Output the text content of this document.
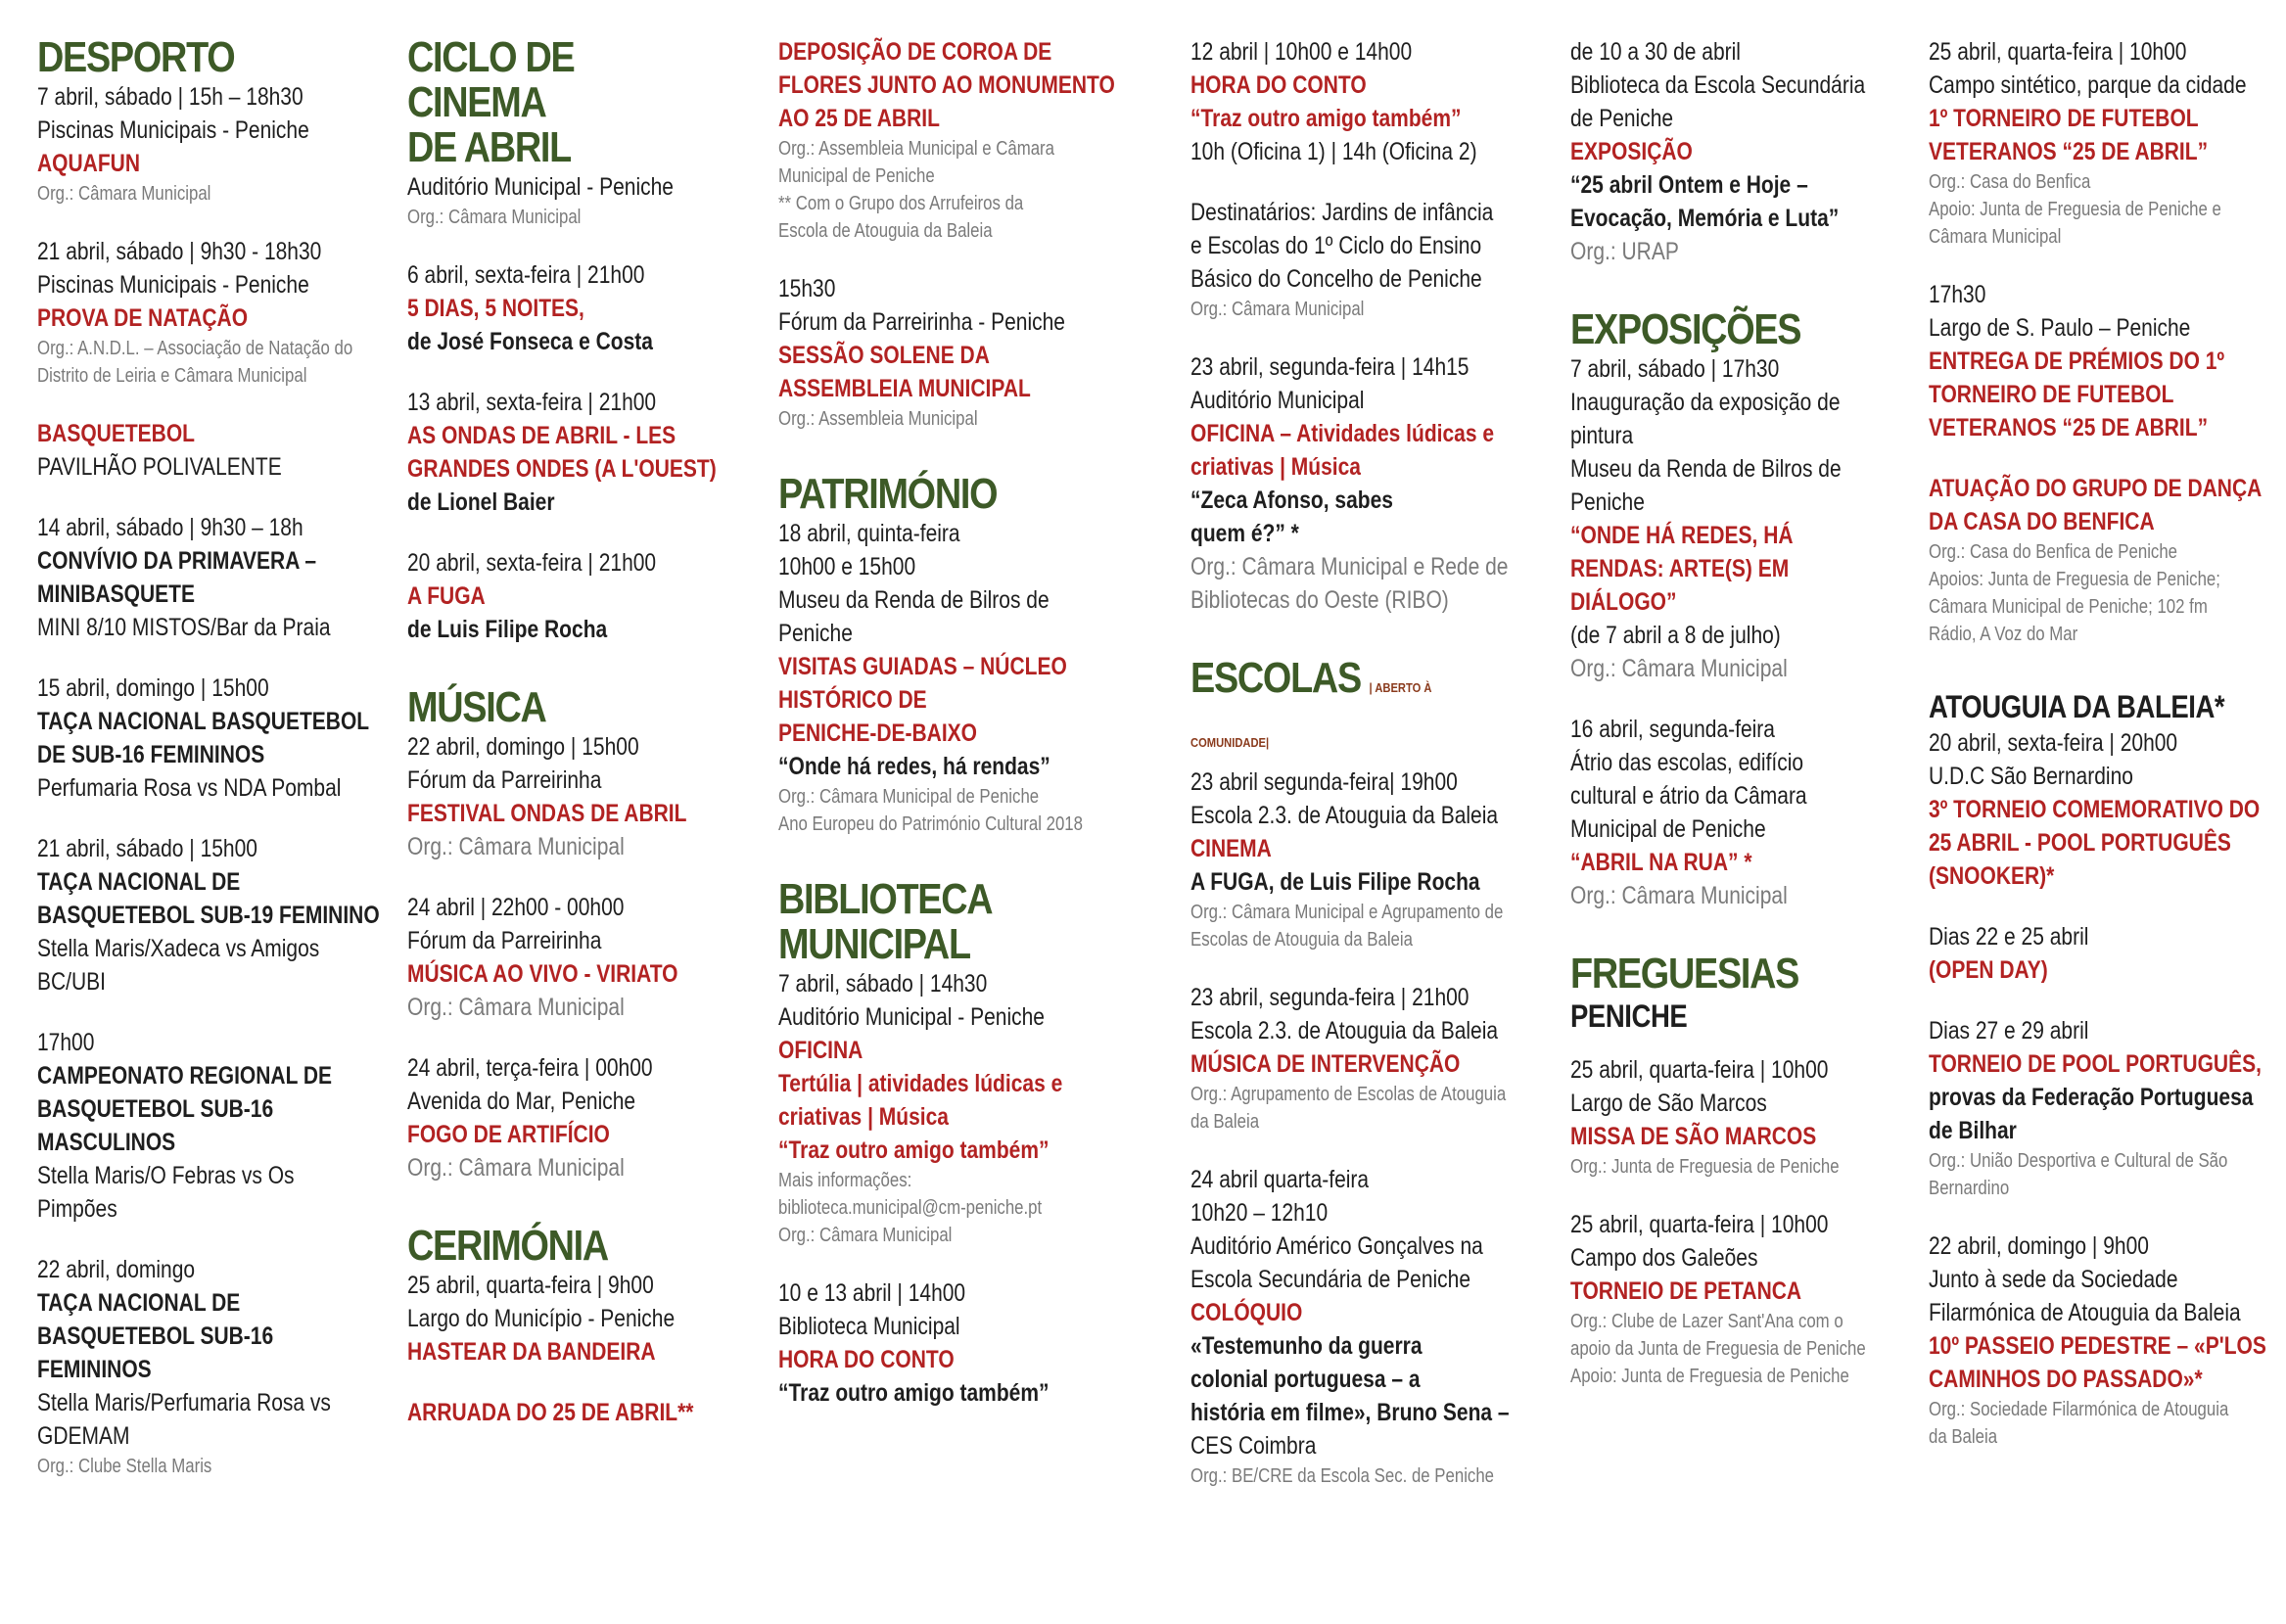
DESPORTO
7 abril, sábado | 15h – 18h30
Piscinas Municipais - Peniche
AQUAFUN
Org.: Câmara Municipal
21 abril, sábado | 9h30 - 18h30
Piscinas Municipais - Peniche
PROVA DE NATAÇÃO
Org.: A.N.D.L. – Associação de Natação do
Distrito de Leiria e Câmara Municipal
BASQUETEBOL
PAVILHÃO POLIVALENTE
14 abril, sábado | 9h30 – 18h
CONVÍVIO DA PRIMAVERA –
MINIBASQUETE
MINI 8/10 MISTOS/Bar da Praia
15 abril, domingo | 15h00
TAÇA NACIONAL BASQUETEBOL
DE SUB-16 FEMININOS
Perfumaria Rosa vs NDA Pombal
21 abril, sábado | 15h00
TAÇA NACIONAL DE
BASQUETEBOL SUB-19 FEMININO
Stella Maris/Xadeca vs Amigos
BC/UBI
17h00
CAMPEONATO REGIONAL DE
BASQUETEBOL SUB-16
MASCULINOS
Stella Maris/O Febras vs Os
Pimpões
22 abril, domingo
TAÇA NACIONAL DE
BASQUETEBOL SUB-16
FEMININOS
Stella Maris/Perfumaria Rosa vs
GDEMAM
Org.: Clube Stella Maris
CICLO DE CINEMA
DE ABRIL
Auditório Municipal - Peniche
Org.: Câmara Municipal
6 abril, sexta-feira | 21h00
5 DIAS, 5 NOITES,
de José Fonseca e Costa
13 abril, sexta-feira | 21h00
AS ONDAS DE ABRIL - LES
GRANDES ONDES (A L'OUEST)
de Lionel Baier
20 abril, sexta-feira | 21h00
A FUGA
de Luis Filipe Rocha
MÚSICA
22 abril, domingo | 15h00
Fórum da Parreirinha
FESTIVAL ONDAS DE ABRIL
Org.: Câmara Municipal
24 abril | 22h00 - 00h00
Fórum da Parreirinha
MÚSICA AO VIVO - VIRIATO
Org.: Câmara Municipal
24 abril, terça-feira | 00h00
Avenida do Mar, Peniche
FOGO DE ARTIFÍCIO
Org.: Câmara Municipal
CERIMÓNIA
25 abril, quarta-feira | 9h00
Largo do Município - Peniche
HASTEAR DA BANDEIRA
ARRUADA DO 25 DE ABRIL**
DEPOSIÇÃO DE COROA DE
FLORES JUNTO AO MONUMENTO
AO 25 DE ABRIL
Org.: Assembleia Municipal e Câmara
Municipal de Peniche
** Com o Grupo dos Arrufeiros da
Escola de Atouguia da Baleia
15h30
Fórum da Parreirinha - Peniche
SESSÃO SOLENE DA
ASSEMBLEIA MUNICIPAL
Org.: Assembleia Municipal
PATRIMÓNIO
18 abril, quinta-feira
10h00 e 15h00
Museu da Renda de Bilros de
Peniche
VISITAS GUIADAS – NÚCLEO
HISTÓRICO DE
PENICHE-DE-BAIXO
“Onde há redes, há rendas”
Org.: Câmara Municipal de Peniche
Ano Europeu do Património Cultural 2018
BIBLIOTECA
MUNICIPAL
7 abril, sábado | 14h30
Auditório Municipal - Peniche
OFICINA
Tertúlia | atividades lúdicas e
criativas | Música
“Traz outro amigo também”
Mais informações:
biblioteca.municipal@cm-peniche.pt
Org.: Câmara Municipal
10 e 13 abril | 14h00
Biblioteca Municipal
HORA DO CONTO
“Traz outro amigo também”
12 abril | 10h00 e 14h00
HORA DO CONTO
“Traz outro amigo também”
10h (Oficina 1) | 14h (Oficina 2)
Destinatários: Jardins de infância
e Escolas do 1º Ciclo do Ensino
Básico do Concelho de Peniche
Org.: Câmara Municipal
23 abril, segunda-feira | 14h15
Auditório Municipal
OFICINA – Atividades lúdicas e
criativas | Música
“Zeca Afonso, sabes
quem é?” *
Org.: Câmara Municipal e Rede de
Bibliotecas do Oeste (RIBO)
ESCOLAS | ABERTO À COMUNIDADE|
23 abril segunda-feira| 19h00
Escola 2.3. de Atouguia da Baleia
CINEMA
A FUGA, de Luis Filipe Rocha
Org.: Câmara Municipal e Agrupamento de
Escolas de Atouguia da Baleia
23 abril, segunda-feira | 21h00
Escola 2.3. de Atouguia da Baleia
MÚSICA DE INTERVENÇÃO
Org.: Agrupamento de Escolas de Atouguia
da Baleia
24 abril quarta-feira
10h20 – 12h10
Auditório Américo Gonçalves na
Escola Secundária de Peniche
COLÓQUIO
«Testemunho da guerra
colonial portuguesa – a
história em filme», Bruno Sena –
CES Coimbra
Org.: BE/CRE da Escola Sec. de Peniche
de 10 a 30 de abril
Biblioteca da Escola Secundária
de Peniche
EXPOSIÇÃO
“25 abril Ontem e Hoje –
Evocação, Memória e Luta”
Org.: URAP
EXPOSIÇÕES
7 abril, sábado | 17h30
Inauguração da exposição de
pintura
Museu da Renda de Bilros de
Peniche
“ONDE HÁ REDES, HÁ
RENDAS: ARTE(S) EM
DIÁLOGO”
(de 7 abril a 8 de julho)
Org.: Câmara Municipal
16 abril, segunda-feira
Átrio das escolas, edifício
cultural e átrio da Câmara
Municipal de Peniche
“ABRIL NA RUA” *
Org.: Câmara Municipal
FREGUESIAS
PENICHE
25 abril, quarta-feira | 10h00
Largo de São Marcos
MISSA DE SÃO MARCOS
Org.: Junta de Freguesia de Peniche
25 abril, quarta-feira | 10h00
Campo dos Galeões
TORNEIO DE PETANCA
Org.: Clube de Lazer Sant'Ana com o
apoio da Junta de Freguesia de Peniche
Apoio: Junta de Freguesia de Peniche
25 abril, quarta-feira | 10h00
Campo sintético, parque da cidade
1º TORNEIRO DE FUTEBOL
VETERANOS “25 DE ABRIL”
Org.: Casa do Benfica
Apoio: Junta de Freguesia de Peniche e
Câmara Municipal
17h30
Largo de S. Paulo – Peniche
ENTREGA DE PRÉMIOS DO 1º
TORNEIRO DE FUTEBOL
VETERANOS “25 DE ABRIL”
ATUAÇÃO DO GRUPO DE DANÇA
DA CASA DO BENFICA
Org.: Casa do Benfica de Peniche
Apoios: Junta de Freguesia de Peniche;
Câmara Municipal de Peniche; 102 fm
Rádio, A Voz do Mar
ATOUGUIA DA BALEIA*
20 abril, sexta-feira | 20h00
U.D.C São Bernardino
3º TORNEIO COMEMORATIVO DO
25 ABRIL - POOL PORTUGUÊS
(SNOOKER)*
Dias 22 e 25 abril
(OPEN DAY)
Dias 27 e 29 abril
TORNEIO DE POOL PORTUGUÊS,
provas da Federação Portuguesa
de Bilhar
Org.: União Desportiva e Cultural de São
Bernardino
22 abril, domingo | 9h00
Junto à sede da Sociedade
Filarmónica de Atouguia da Baleia
10º PASSEIO PEDESTRE – «P'LOS
CAMINHOS DO PASSADO»*
Org.: Sociedade Filarmónica de Atouguia
da Baleia
